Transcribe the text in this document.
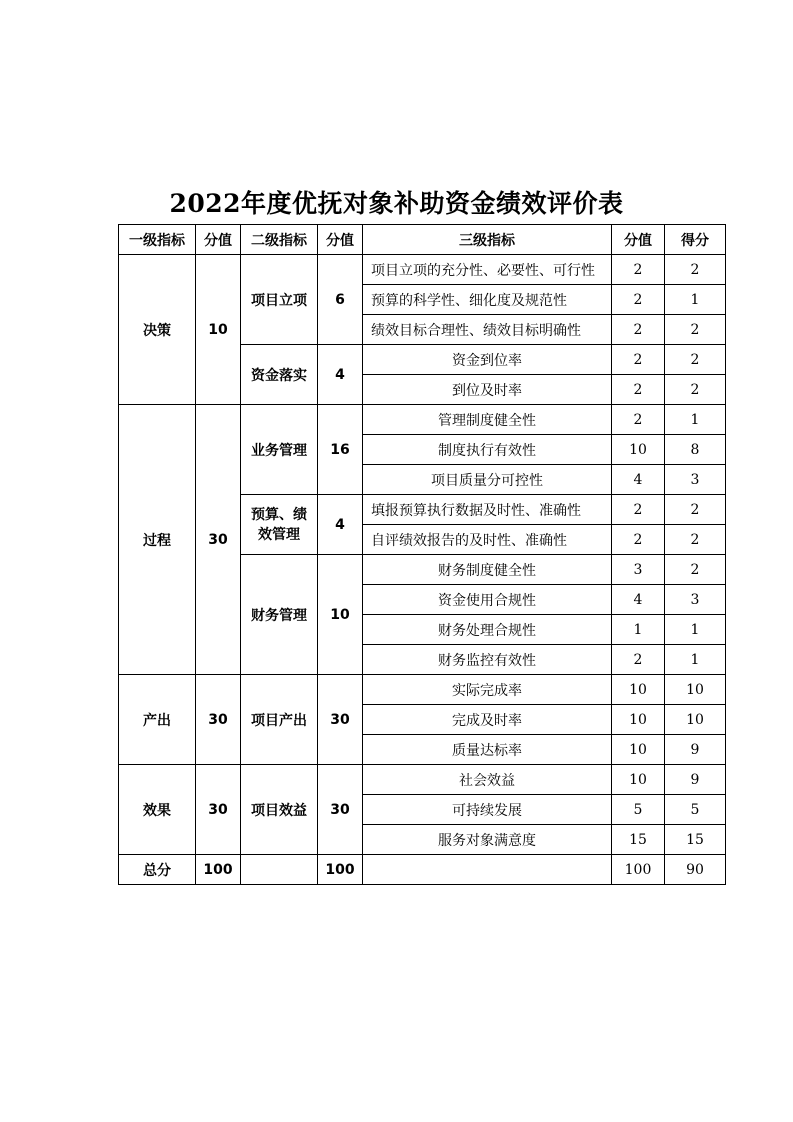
2022年度优抚对象补助资金绩效评价表
一级指标	分值	二级指标	分值	三级指标	分值	得分
决策	10	项目立项	6	项目立项的充分性、必要性、可行性	2	2
				预算的科学性、细化度及规范性	2	1
				绩效目标合理性、绩效目标明确性	2	2
		资金落实	4	资金到位率	2	2
				到位及时率	2	2
过程	30	业务管理	16	管理制度健全性	2	1
				制度执行有效性	10	8
				项目质量分可控性	4	3
		预算、绩效管理	4	填报预算执行数据及时性、准确性	2	2
				自评绩效报告的及时性、准确性	2	2
		财务管理	10	财务制度健全性	3	2
				资金使用合规性	4	3
				财务处理合规性	1	1
				财务监控有效性	2	1
产出	30	项目产出	30	实际完成率	10	10
				完成及时率	10	10
				质量达标率	10	9
效果	30	项目效益	30	社会效益	10	9
				可持续发展	5	5
				服务对象满意度	15	15
总分	100		100		100	90
